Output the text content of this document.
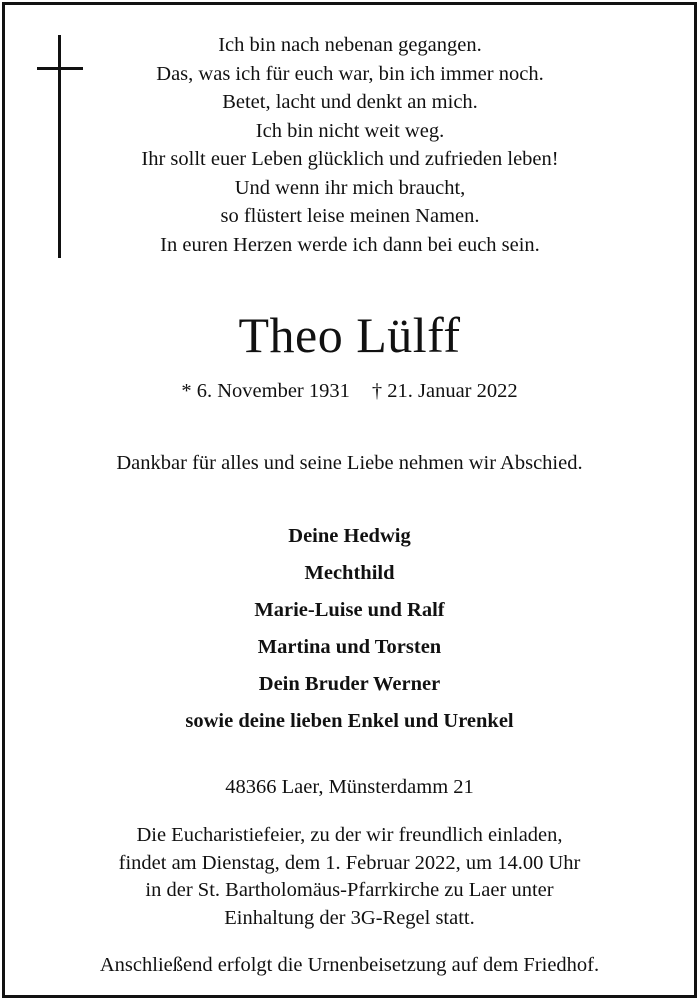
Ich bin nach nebenan gegangen.
Das, was ich für euch war, bin ich immer noch.
Betet, lacht und denkt an mich.
Ich bin nicht weit weg.
Ihr sollt euer Leben glücklich und zufrieden leben!
Und wenn ihr mich braucht,
so flüstert leise meinen Namen.
In euren Herzen werde ich dann bei euch sein.
Theo Lülff
* 6. November 1931 † 21. Januar 2022
Dankbar für alles und seine Liebe nehmen wir Abschied.
Deine Hedwig
Mechthild
Marie-Luise und Ralf
Martina und Torsten
Dein Bruder Werner
sowie deine lieben Enkel und Urenkel
48366 Laer, Münsterdamm 21
Die Eucharistiefeier, zu der wir freundlich einladen,
findet am Dienstag, dem 1. Februar 2022, um 14.00 Uhr
in der St. Bartholomäus-Pfarrkirche zu Laer unter
Einhaltung der 3G-Regel statt.
Anschließend erfolgt die Urnenbeisetzung auf dem Friedhof.
